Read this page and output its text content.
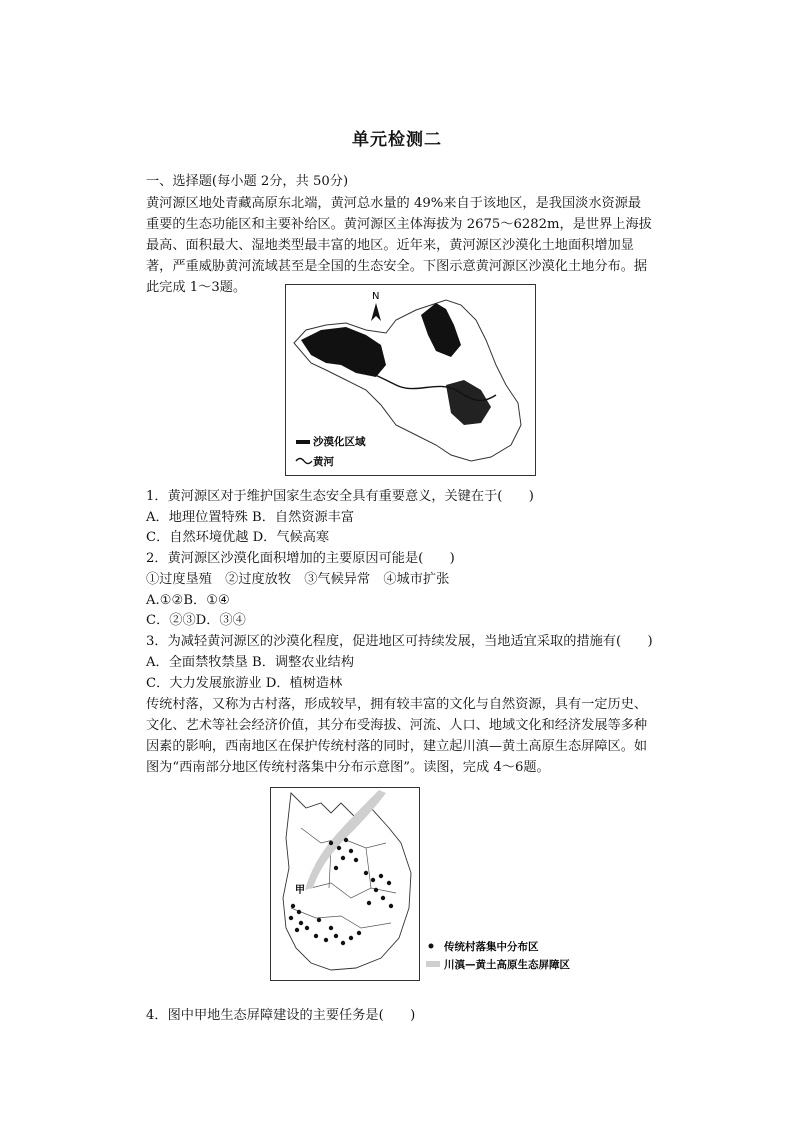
单元检测二
一、选择题(每小题 2分，共 50分)
黄河源区地处青藏高原东北端，黄河总水量的 49%来自于该地区，是我国淡水资源最重要的生态功能区和主要补给区。黄河源区主体海拔为 2675～6282m，是世界上海拔最高、面积最大、湿地类型最丰富的地区。近年来，黄河源区沙漠化土地面积增加显著，严重威胁黄河流域甚至是全国的生态安全。下图示意黄河源区沙漠化土地分布。据此完成 1～3题。
N
沙漠化区域
黄河
1．黄河源区对于维护国家生态安全具有重要意义，关键在于(　　)
A．地理位置特殊 B．自然资源丰富
C．自然环境优越 D．气候高寒
2．黄河源区沙漠化面积增加的主要原因可能是(　　)
①过度垦殖　②过度放牧　③气候异常　④城市扩张
A.①②B．①④
C．②③D．③④
3．为减轻黄河源区的沙漠化程度，促进地区可持续发展，当地适宜采取的措施有(　　)
A．全面禁牧禁垦 B．调整农业结构
C．大力发展旅游业 D．植树造林
传统村落，又称为古村落，形成较早，拥有较丰富的文化与自然资源，具有一定历史、文化、艺术等社会经济价值，其分布受海拔、河流、人口、地域文化和经济发展等多种因素的影响，西南地区在保护传统村落的同时，建立起川滇—黄土高原生态屏障区。如图为“西南部分地区传统村落集中分布示意图”。读图，完成 4～6题。
甲
传统村落集中分布区
川滇—黄土高原生态屏障区
4．图中甲地生态屏障建设的主要任务是(　　)
